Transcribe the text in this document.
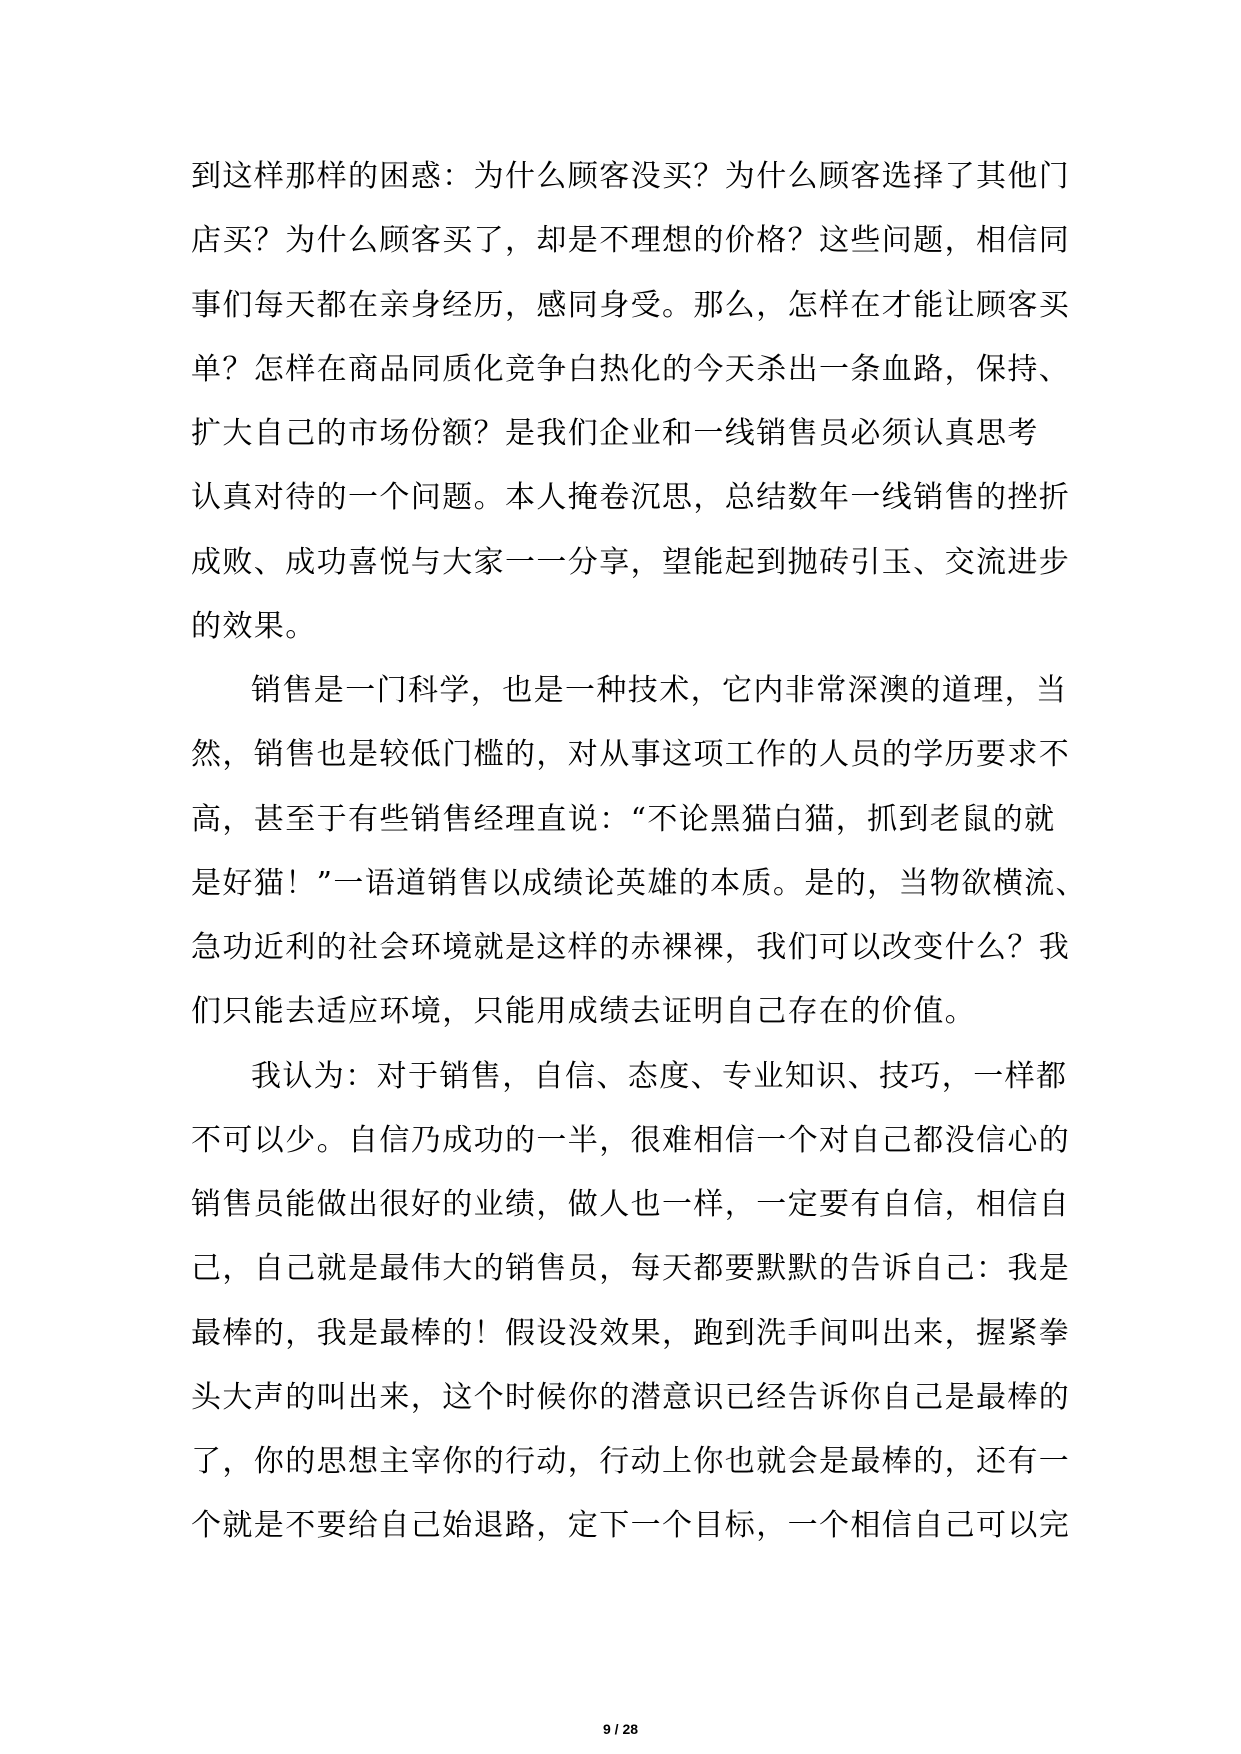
到这样那样的困惑：为什么顾客没买？为什么顾客选择了其他门
店买？为什么顾客买了，却是不理想的价格？这些问题，相信同
事们每天都在亲身经历，感同身受。那么，怎样在才能让顾客买
单？怎样在商品同质化竞争白热化的今天杀出一条血路，保持、
扩大自己的市场份额？是我们企业和一线销售员必须认真思考
认真对待的一个问题。本人掩卷沉思，总结数年一线销售的挫折
成败、成功喜悦与大家一一分享，望能起到抛砖引玉、交流进步
的效果。
销售是一门科学，也是一种技术，它内非常深澳的道理，当
然，销售也是较低门槛的，对从事这项工作的人员的学历要求不
高，甚至于有些销售经理直说：“不论黑猫白猫，抓到老鼠的就
是好猫！”一语道销售以成绩论英雄的本质。是的，当物欲横流、
急功近利的社会环境就是这样的赤裸裸，我们可以改变什么？我
们只能去适应环境，只能用成绩去证明自己存在的价值。
我认为：对于销售，自信、态度、专业知识、技巧，一样都
不可以少。自信乃成功的一半，很难相信一个对自己都没信心的
销售员能做出很好的业绩，做人也一样，一定要有自信，相信自
己，自己就是最伟大的销售员，每天都要默默的告诉自己：我是
最棒的，我是最棒的！假设没效果，跑到洗手间叫出来，握紧拳
头大声的叫出来，这个时候你的潜意识已经告诉你自己是最棒的
了，你的思想主宰你的行动，行动上你也就会是最棒的，还有一
个就是不要给自己始退路，定下一个目标，一个相信自己可以完
9 / 28
